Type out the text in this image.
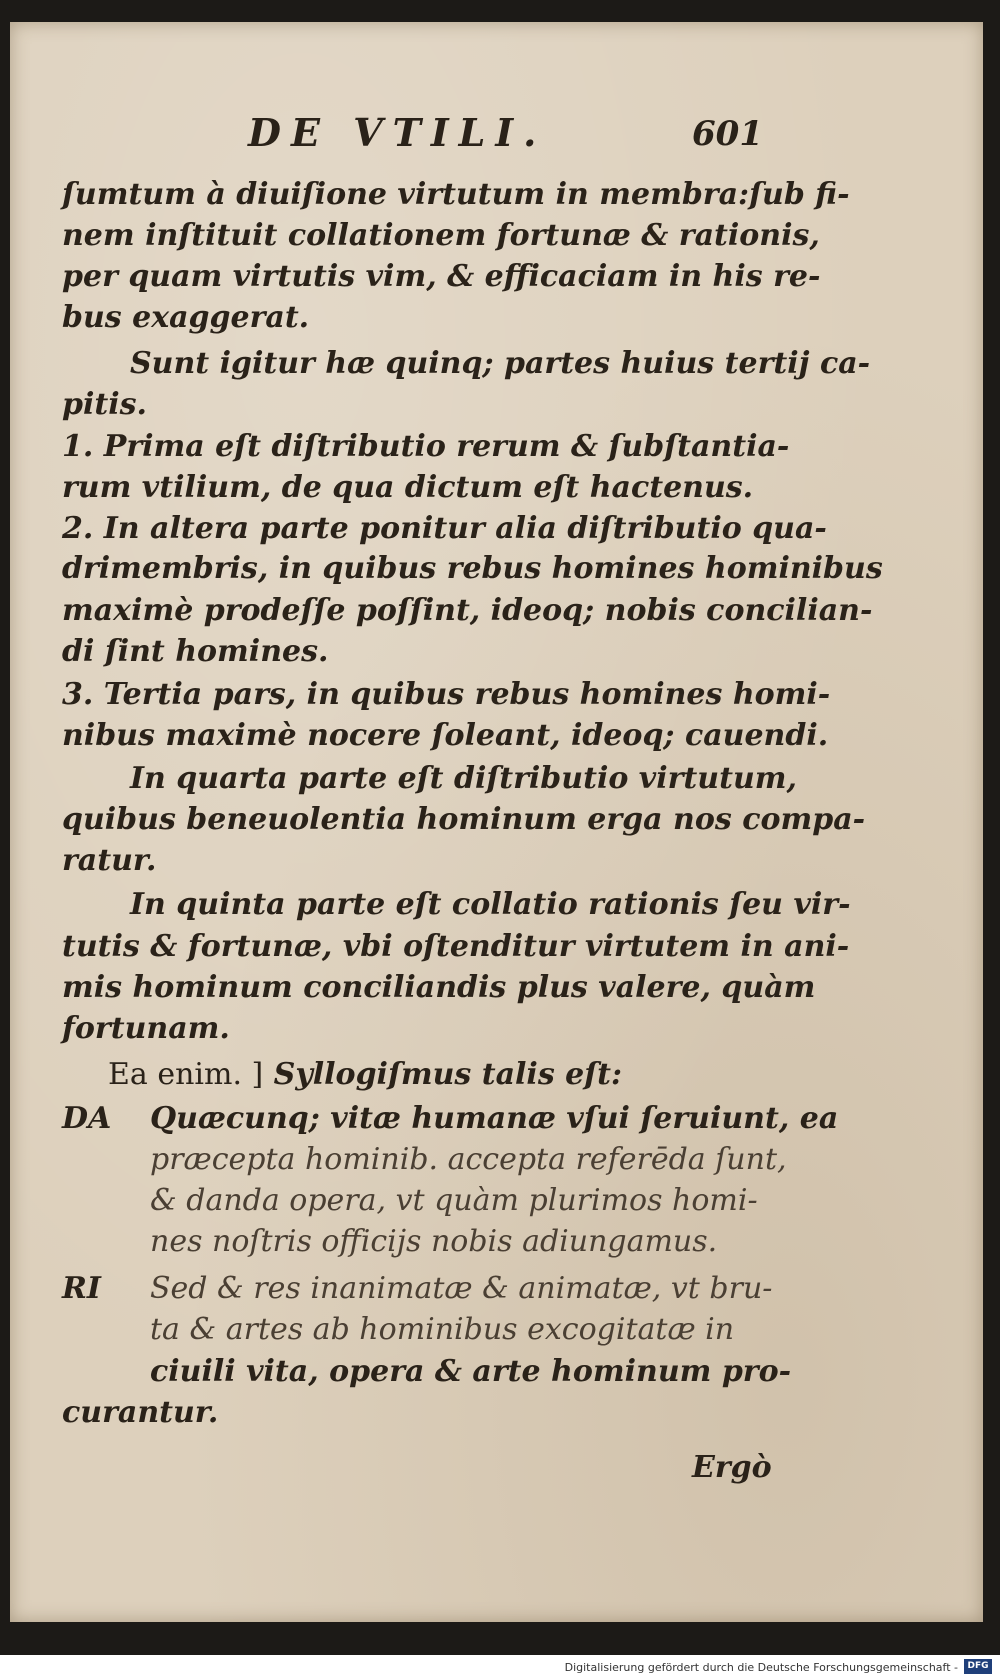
DE VTILI.	601
ſumtum à diuiſione virtutum in membra:ſub fi-
nem inſtituit collationem fortunæ & rationis,
per quam virtutis vim, & efficaciam in his re-
bus exaggerat.
Sunt igitur hæ quinq; partes huius tertij ca-
pitis.
1. Prima eſt diſtributio rerum & ſubſtantia-
rum vtilium, de qua dictum eſt hactenus.
2. In altera parte ponitur alia diſtributio qua-
drimembris, in quibus rebus homines hominibus
maximè prodeſſe poſſint, ideoq; nobis concilian-
di ſint homines.
3. Tertia pars, in quibus rebus homines homi-
nibus maximè nocere ſoleant, ideoq; cauendi.
In quarta parte eſt diſtributio virtutum,
quibus beneuolentia hominum erga nos compa-
ratur.
In quinta parte eſt collatio rationis ſeu vir-
tutis & fortunæ, vbi oſtenditur virtutem in ani-
mis hominum conciliandis plus valere, quàm
fortunam.
Ea enim. ] Syllogiſmus talis eſt:
DA Quæcunq; vitæ humanæ vſui ſeruiunt, ea
præcepta hominib. accepta referēda ſunt,
& danda opera, vt quàm plurimos homi-
nes noſtris officijs nobis adiungamus.
RI Sed & res inanimatæ & animatæ, vt bru-
ta & artes ab hominibus excogitatæ in
ciuili vita, opera & arte hominum pro-
curantur.
Ergò
Digitalisierung gefördert durch die Deutsche Forschungsgemeinschaft -	DFG
